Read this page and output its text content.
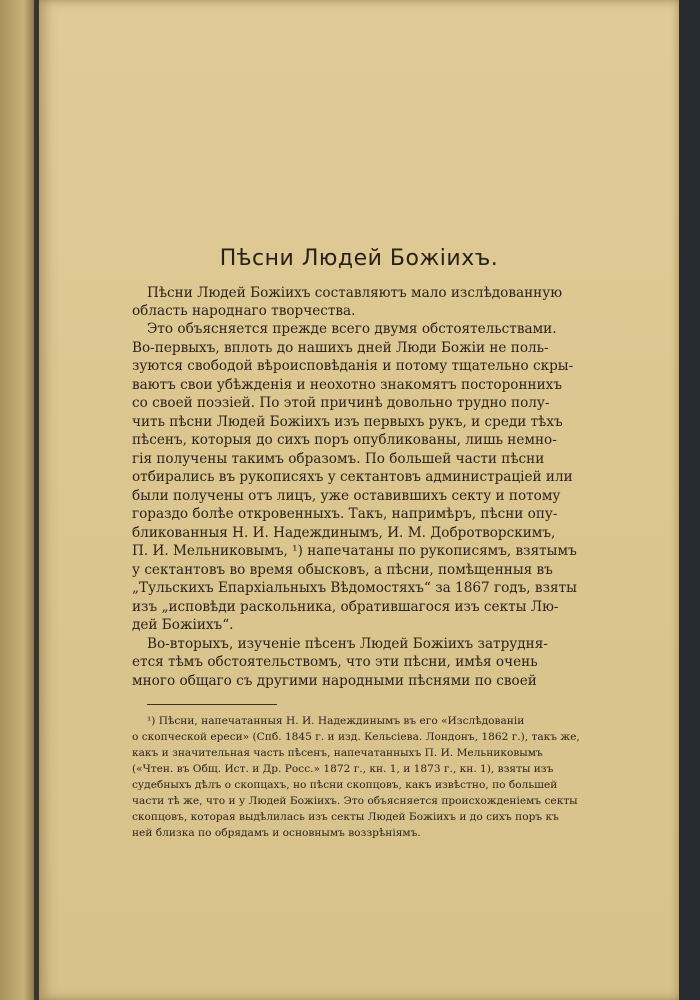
Пѣсни Людей Божіихъ.
Пѣсни Людей Божіихъ составляютъ мало изслѣдованную
область народнаго творчества.
Это объясняется прежде всего двумя обстоятельствами.
Во-первыхъ, вплоть до нашихъ дней Люди Божіи не поль-
зуются свободой вѣроисповѣданія и потому тщательно скры-
ваютъ свои убѣжденія и неохотно знакомятъ постороннихъ
со своей поэзіей. По этой причинѣ довольно трудно полу-
чить пѣсни Людей Божіихъ изъ первыхъ рукъ, и среди тѣхъ
пѣсенъ, которыя до сихъ поръ опубликованы, лишь немно-
гія получены такимъ образомъ. По большей части пѣсни
отбирались въ рукописяхъ у сектантовъ администраціей или
были получены отъ лицъ, уже оставившихъ секту и потому
гораздо болѣе откровенныхъ. Такъ, напримѣръ, пѣсни опу-
бликованныя Н. И. Надеждинымъ, И. М. Добротворскимъ,
П. И. Мельниковымъ, ¹) напечатаны по рукописямъ, взятымъ
у сектантовъ во время обысковъ, а пѣсни, помѣщенныя въ
„Тульскихъ Епархіальныхъ Вѣдомостяхъ“ за 1867 годъ, взяты
изъ „исповѣди раскольника, обратившагося изъ секты Лю-
дей Божіихъ“.
Во-вторыхъ, изученіе пѣсенъ Людей Божіихъ затрудня-
ется тѣмъ обстоятельствомъ, что эти пѣсни, имѣя очень
много общаго съ другими народными пѣснями по своей
¹) Пѣсни, напечатанныя Н. И. Надеждинымъ въ его «Изслѣдованіи
о скопческой ереси» (Спб. 1845 г. и изд. Кельсіева. Лондонъ, 1862 г.), такъ же,
какъ и значительная часть пѣсенъ, напечатанныхъ П. И. Мельниковымъ
(«Чтен. въ Общ. Ист. и Др. Росс.» 1872 г., кн. 1, и 1873 г., кн. 1), взяты изъ
судебныхъ дѣлъ о скопцахъ, но пѣсни скопцовъ, какъ извѣстно, по большей
части тѣ же, что и у Людей Божіихъ. Это объясняется происхожденіемъ секты
скопцовъ, которая выдѣлилась изъ секты Людей Божіихъ и до сихъ поръ къ
ней близка по обрядамъ и основнымъ воззрѣніямъ.
